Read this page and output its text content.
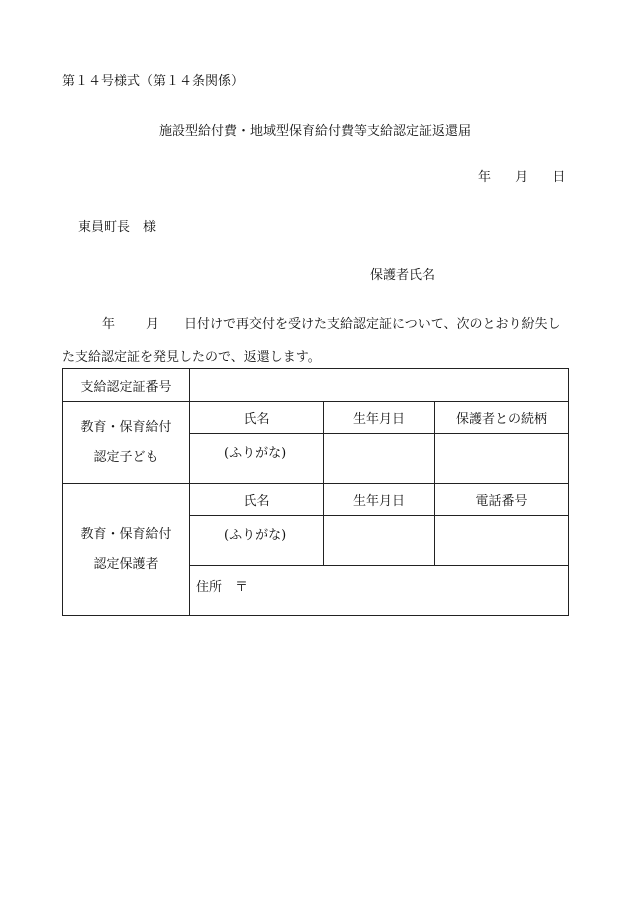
第１４号様式（第１４条関係）
施設型給付費・地域型保育給付費等支給認定証返還届
年 月 日
東員町長　様
保護者氏名
年 月 日付けで再交付を受けた支給認定証について、次のとおり紛失し
た支給認定証を発見したので、返還します。
支給認定証番号			

教育・保育給付
認定子ども	氏名	生年月日	保護者との続柄
	(ふりがな)		

教育・保育給付
認定保護者	氏名	生年月日	電話番号
	(ふりがな)		
	住所　〒		
